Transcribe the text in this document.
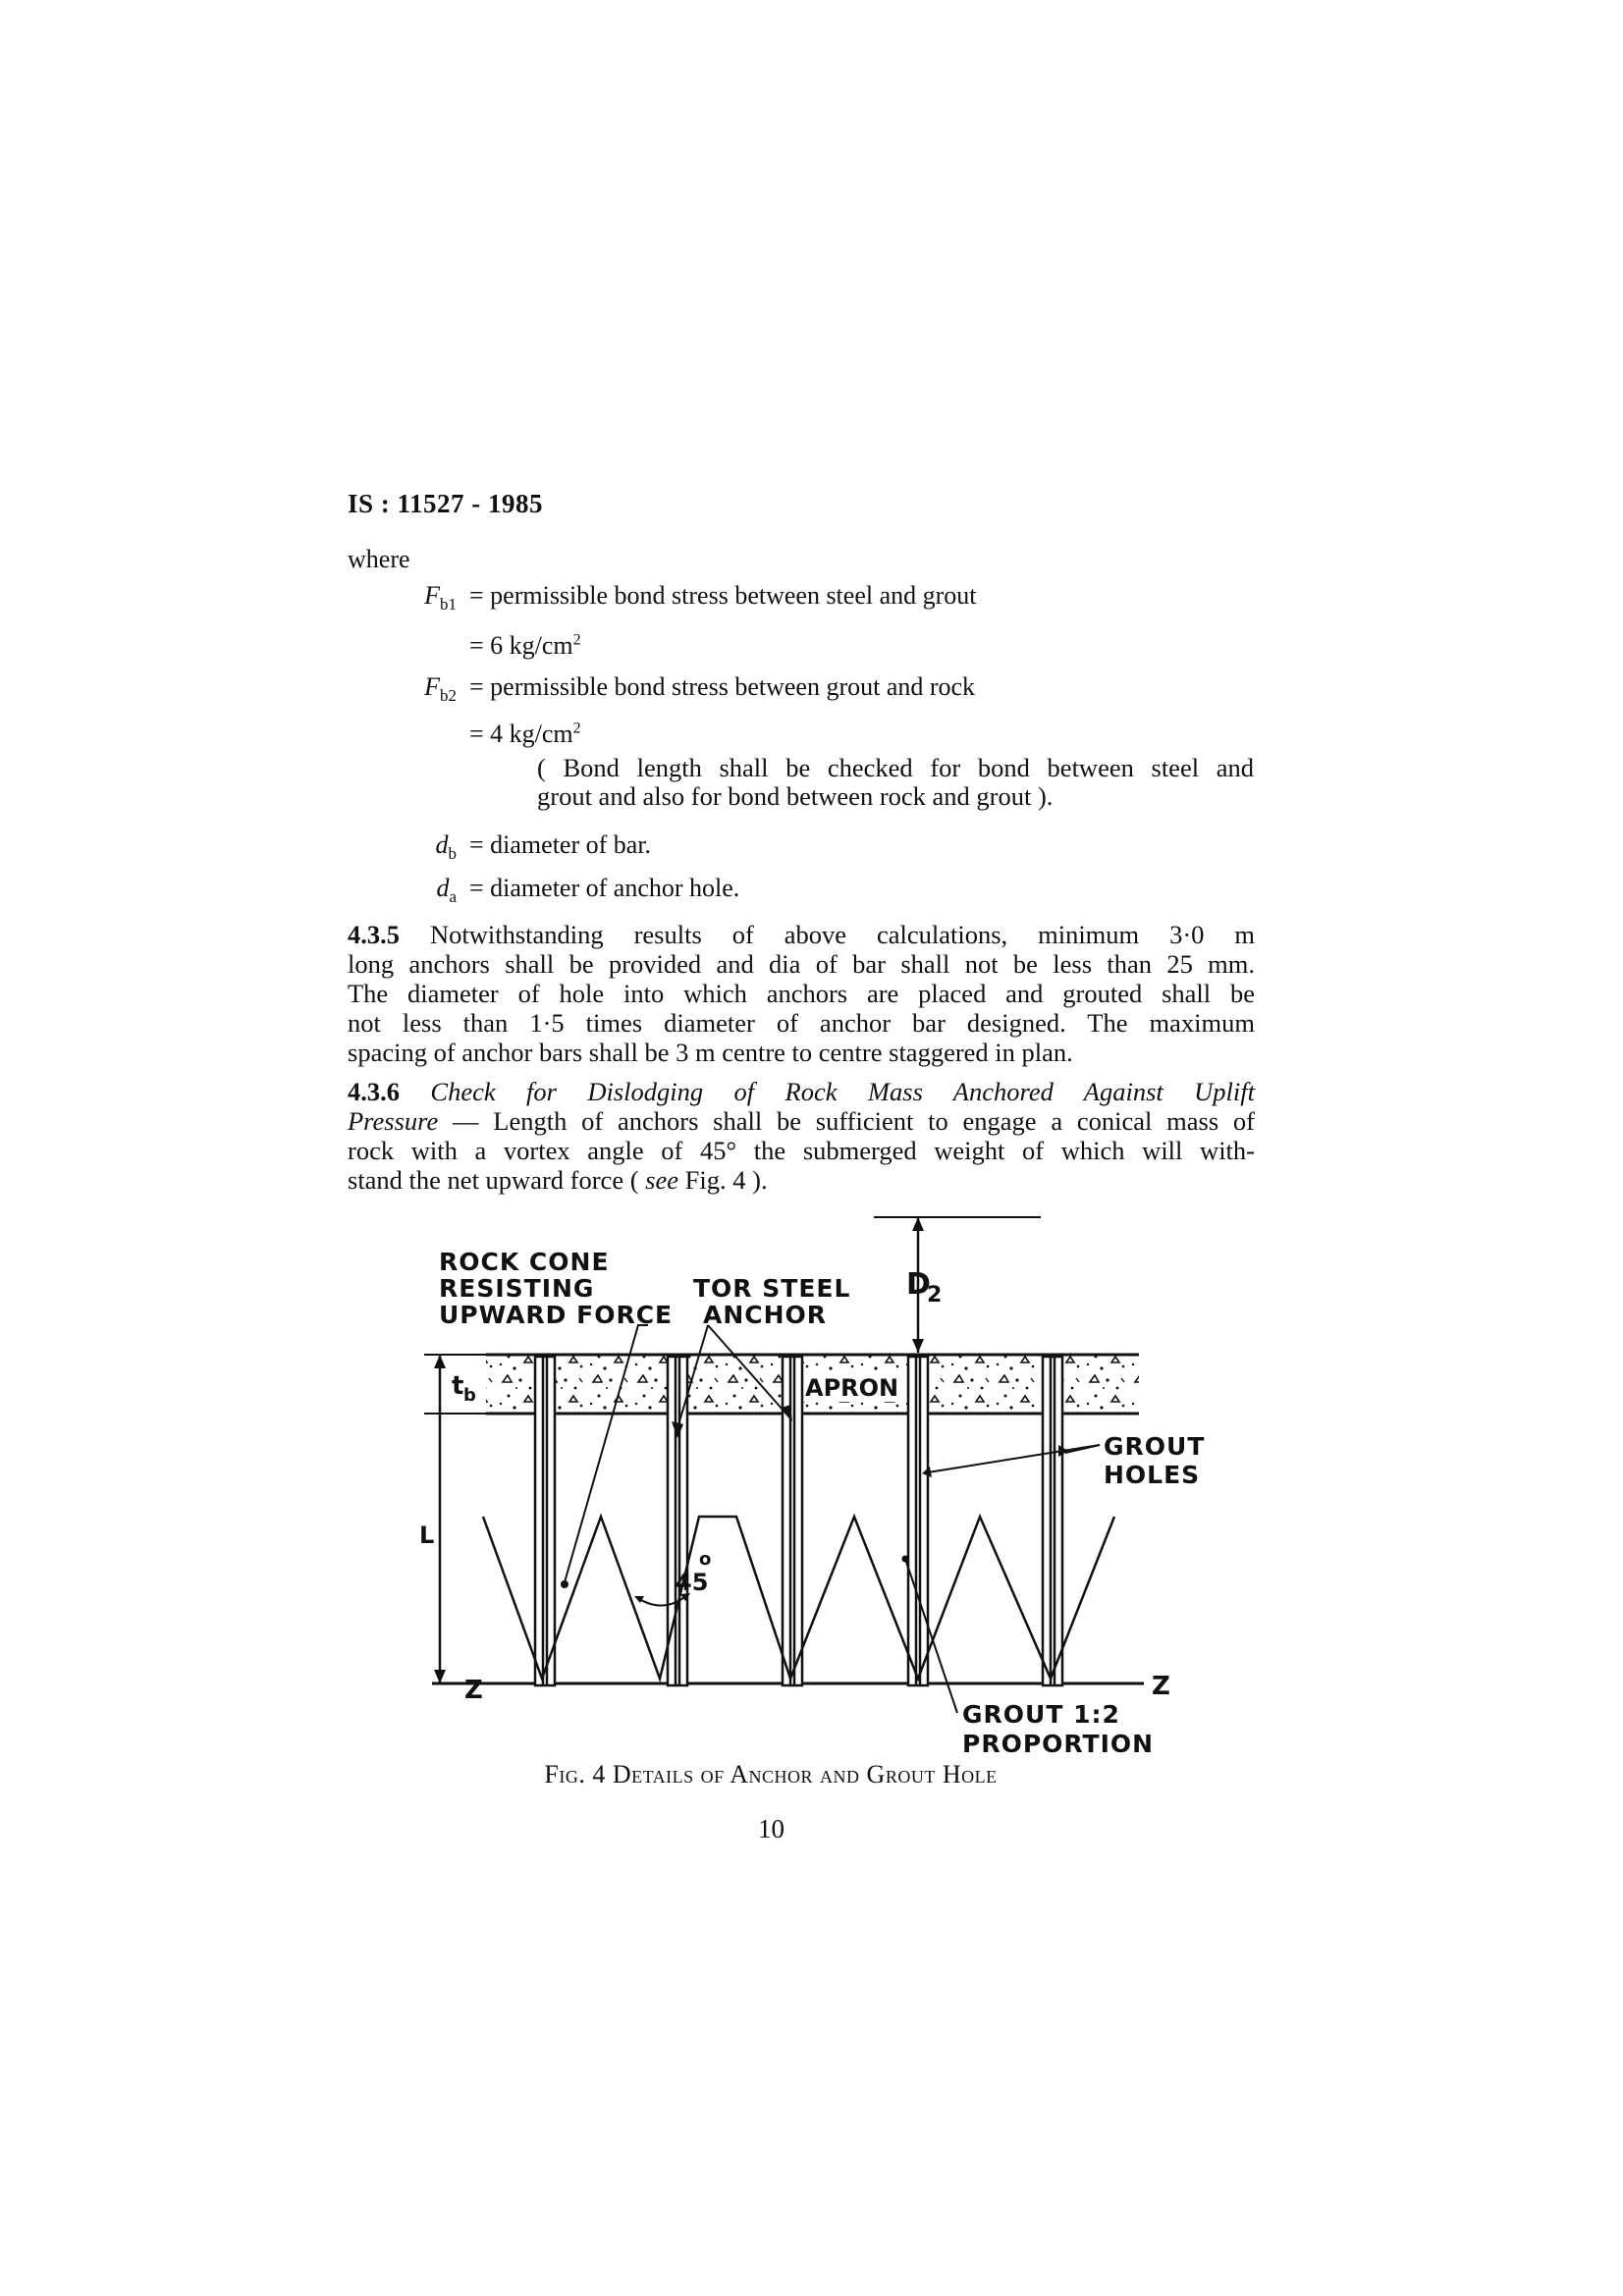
IS : 11527 - 1985
where
$F_{b1}$ = permissible bond stress between steel and grout
= 6 $kg/cm^2$
$F_{b2}$ = permissible bond stress between grout and rock
= 4 $kg/cm^2$
( Bond length shall be checked for bond between steel and
grout and also for bond between rock and grout ).
$d_b$ = diameter of bar.
$d_a$ = diameter of anchor hole.
4.3.5 Notwithstanding results of above calculations, minimum 3·0 m
long anchors shall be provided and dia of bar shall not be less than 25 mm.
The diameter of hole into which anchors are placed and grouted shall be
not less than 1·5 times diameter of anchor bar designed. The maximum
spacing of anchor bars shall be 3 m centre to centre staggered in plan.
4.3.6 Check for Dislodging of Rock Mass Anchored Against Uplift
Pressure — Length of anchors shall be sufficient to engage a conical mass of
rock with a vortex angle of 45° the submerged weight of which will with-
stand the net upward force ( see Fig. 4 ).
D
2
APRON
t b
L
Z	Z
45
o
ROCK CONE
RESISTING
UPWARD FORCE
TOR STEEL
ANCHOR
GROUT
HOLES
GROUT 1:2
PROPORTION
Fig. 4 Details of Anchor and Grout Hole
10
